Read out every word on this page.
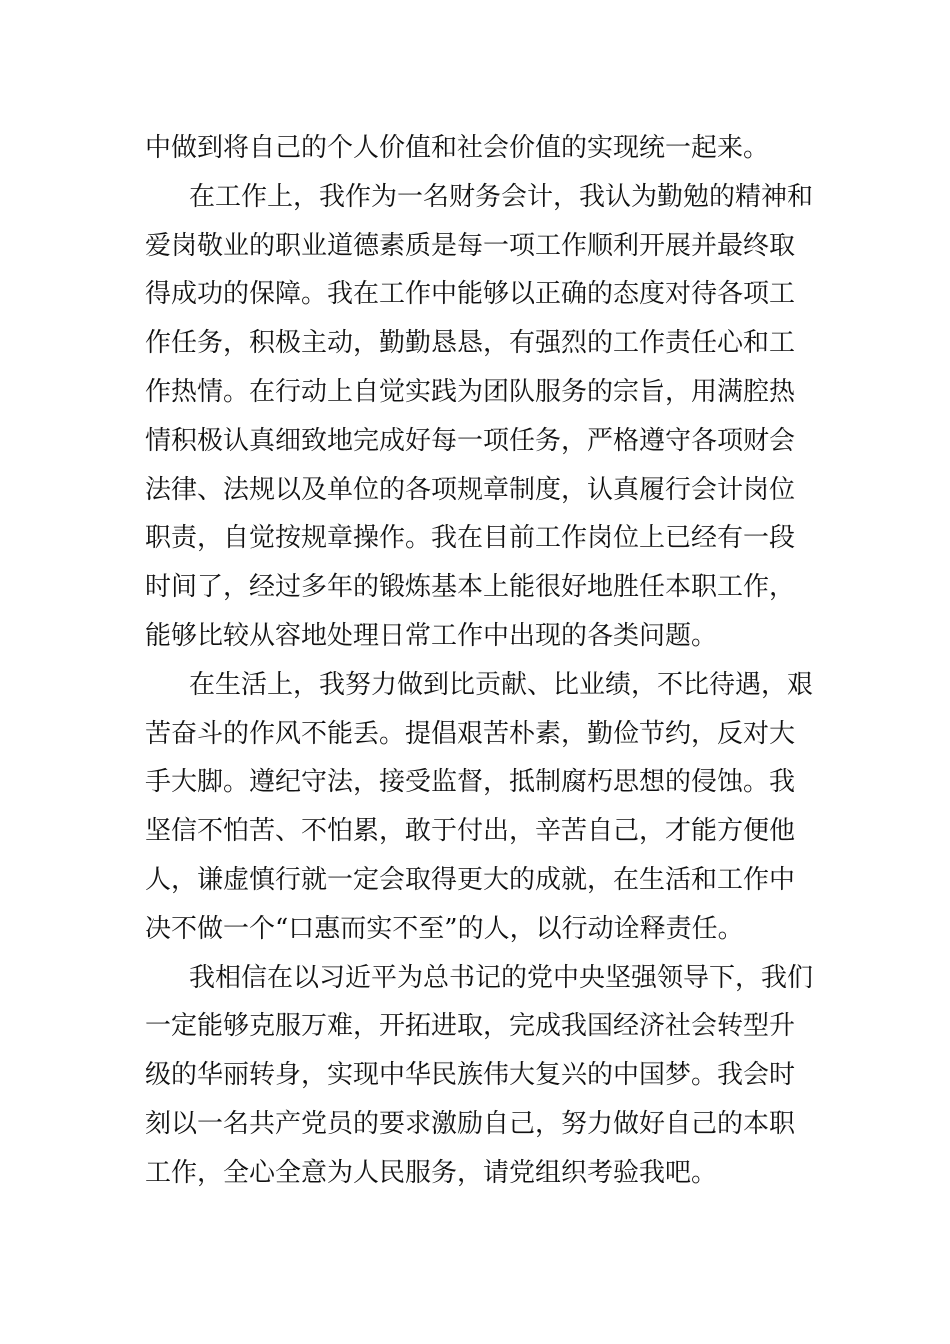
中做到将自己的个人价值和社会价值的实现统一起来。
在工作上，我作为一名财务会计，我认为勤勉的精神和
爱岗敬业的职业道德素质是每一项工作顺利开展并最终取
得成功的保障。我在工作中能够以正确的态度对待各项工
作任务，积极主动，勤勤恳恳，有强烈的工作责任心和工
作热情。在行动上自觉实践为团队服务的宗旨，用满腔热
情积极认真细致地完成好每一项任务，严格遵守各项财会
法律、法规以及单位的各项规章制度，认真履行会计岗位
职责，自觉按规章操作。我在目前工作岗位上已经有一段
时间了，经过多年的锻炼基本上能很好地胜任本职工作，
能够比较从容地处理日常工作中出现的各类问题。
在生活上，我努力做到比贡献、比业绩，不比待遇，艰
苦奋斗的作风不能丢。提倡艰苦朴素，勤俭节约，反对大
手大脚。遵纪守法，接受监督，抵制腐朽思想的侵蚀。我
坚信不怕苦、不怕累，敢于付出，辛苦自己，才能方便他
人，谦虚慎行就一定会取得更大的成就，在生活和工作中
决不做一个“口惠而实不至”的人，以行动诠释责任。
我相信在以习近平为总书记的党中央坚强领导下，我们
一定能够克服万难，开拓进取，完成我国经济社会转型升
级的华丽转身，实现中华民族伟大复兴的中国梦。我会时
刻以一名共产党员的要求激励自己，努力做好自己的本职
工作，全心全意为人民服务，请党组织考验我吧。
